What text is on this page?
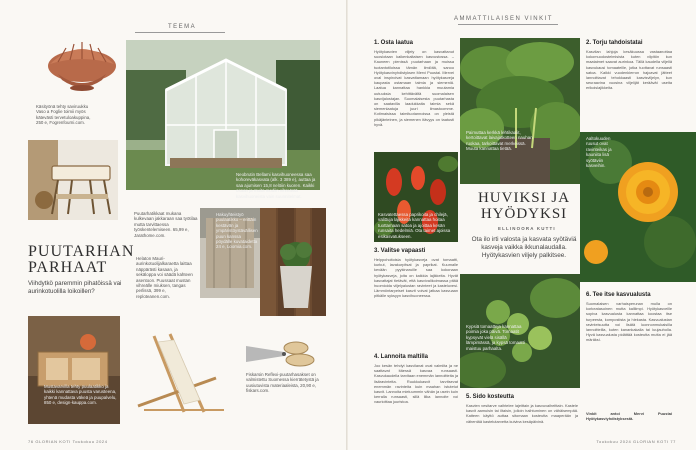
TEEMA
Käsityönä tehty saviruukku Vaso a Foglie toimii myös kätevästi tervetuloakuppina, 250 e, Fogrenfourni.com.
Neobrutin Bellami kasvihuoneessa saa kohoreväkasvata (alk. 3 389 e), auttaa ja saa ajumisen 15,8 nelöiin kuoren. Kaikki osaan ja muita modiin vihreästä kasvihuoneista vain suunnitelmat.
Hakuyhteistyö puulaatikko – erittäin kestävän ja ympäristöystävällisen puun kanssa pöydälle kuvataidetta 24 e, Loomia.com.
Puutarhatikkaat mukana kulkevaan jakkaraan saa työtilaa mutta tarvittaessa työskentelemiseen. 65,99 e, Jarathome.com.
PUUTARHAN PARHAAT
Viihdytkö paremmin pihatöissä vai aurinkotuolilla loikoillen?
Helaton Mauri-aurinkotuolijalkaraetta laittaa näppärästi kasaan, ja sekäloppa voi säädä kahteen asentoon. Puussaat mustan vihreälle miuksen, tangas perlissä, 399 e, reploteanen.com.
Mustavarvilla tehty puulaatikko ja kaikki kannattava puusta varusteena, yhtenä mudasta väkeä ja puupalvelu, 850 e, design-kauppa.com.
Fiskarsin Reflexi-puutarhasakset on valmistettu Suomessa kierrätetystä ja uusiutuvista materiaaleista, 20,90 e, fiskars.com.
76 GLORIAN KOTI Toukokuu 2024
AMMATTILAISEN VINKIT
1. Osta laatua
Hyötykasvien viljely on kasvattanut suosiotaan kaikenkaltaisen kasvustossa. – Kauneen pienissä puutarhaan ja muissa tuotantotiloissa tämän ilmiöitä, sanoo Hyötykasvinyhdistyksen Mervi Puustai. Mervei oval inspiroivat kasvattamaan hyötykasveja kaupasta ostamaan taimia ja siemeniä. Laatua kannattaa hankkia muutamia uutuuksia kehittävältä suomalaisen kasvijalostajan. Suomalaisesta puutarhasta on saatavilla laadukkaita taimia sekä siemenlaatuja juuri ilmastoomme. Kotimaisissa taimituotannoissa on yleistä pikäjänteinen, ja siemenen itävyys on taatusti hyvä.
Paimuttaa kerkkä lehtikaalit, kertoittavat laivajatkotteen nauhan ruokaa, tarkoittavat merkeissä. Muuta kannattaa tietää.
2. Torju tahdoistatai
Kasvilan lahjoja kesäkuussa vastaanottaa kokomuodostelmisista kuten vilpitön kun maataimet saavat aurinkoa. Tällä kaudella viljellä kasvukausi tomaateille, jotka tuottavat runsaasti satoa. Kaikki vuodenkierron hajoavat jätteet lannoittavat tehokkaasti kasvisviljelyn, kun seuraavina vuosina viljelijät keräävät useita erikoislajikkeita.
Aaltokuuden ruusut ovat ravinteikas ja kauniita lisä syötäviin kasveihin.
Kasvatettaessa paprikoita ja chilejä, valittuja lajikkeita kannattaa hoitaa tuottamaan satoa ja ajoittaa kesän runsaita hedelmiä. Ota taimet ajoissa esikasvatukseen.
HUVIKSI JA HYÖDYKSI
ELLINOORA KUTTI
Ota ilo irti valosta ja kasvata syötäviä kasveja vaikka ikkunalaudalla. Hyötykasvien viljely palkitsee.
3. Valitse vapaasti
Helppohoitoisia hyötykasveja ovat tomaatti, kurkut, lavakurpitsat ja paprikat. Kuumalle kevään pyykinaruille saa kokonaan hyötykasveja, joita on kaikkia lajikkeita. Hyvät kasvattajat tietävät, että kasvivalikoimassa pitää huomioida viljelyalustan ravinteet ja kasteluvesi. Lämmöntarpeiset kasvit voivat jatkaa kasvuaan pitkälle syksyyn kasvihuoneessa.
Kypsiä tomaatteja kannattaa poimia joka päivä. Tomaatit kypsyvät vielä sisällä lämpimässä, ja kypsä tomaatti maistuu parhaalta.
6. Tee itse kasvualusta
Suomalaisen varhaisperunan mulla on korkeatasoinen mutta kalliimpi. Hyötykasveille sopiva kasvualusta kannattaa koostaa itse turpeesta, kompostista ja hiekasta. Kasvualustan ravinteisuutta voi lisätä luonnonmukaisilla lannoitteilla, kuten kanankakalla tai luujauholla. Hyvä kasvualusta pidättää kosteutta mutta ei jää märäksi.
Vinkit antoi Mervi Puustai Hyötykasviyhdistyksestä.
4. Lannoita maltilla
Joo kesän tehdyt kasvilanat ovat valmiita ja ne saattavat itäessä kasvaa runsaasti. Kasvukaudella tarvitaan enemmän lannoitteita ja lisäravinteita. Ruukkukasvit tarvitsevat enemmän ravinteita kuin maahan istutetut kasvit. Lannoita mieluummin vähän ja usein kuin kerralla runsaasti, sillä liika lannoite voi vaurioittaa juuristoa.
5. Sido kosteutta
Kasvien vesitarve vaihtelee lajeittain ja kasvuvaiheittain. Kastele kasvit aamuisin tai iltaisin, jolloin haihtuminen on vähäisempää. Katteen käyttö auttaa sitomaan kosteutta maaperään ja vähentää kastelutarvetta kuivina kesäpäivinä.
Toukokuu 2024 GLORIAN KOTI 77
